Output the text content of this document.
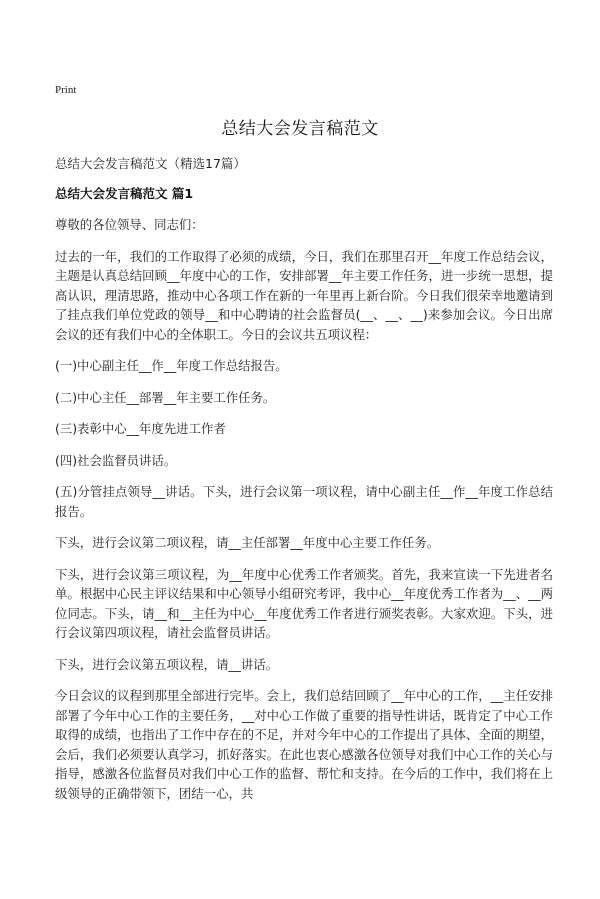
Print
总结大会发言稿范文
总结大会发言稿范文（精选17篇）
总结大会发言稿范文 篇1

尊敬的各位领导、同志们：

过去的一年，我们的工作取得了必须的成绩，今日，我们在那里召开__年度工作总结会议，主题是认真总结回顾__年度中心的工作，安排部署__年主要工作任务，进一步统一思想，提高认识，理清思路，推动中心各项工作在新的一年里再上新台阶。今日我们很荣幸地邀请到了挂点我们单位党政的领导__和中心聘请的社会监督员(__、__、__)来参加会议。今日出席会议的还有我们中心的全体职工。今日的会议共五项议程：

(一)中心副主任__作__年度工作总结报告。

(二)中心主任__部署__年主要工作任务。

(三)表彰中心__年度先进工作者

(四)社会监督员讲话。

(五)分管挂点领导__讲话。下头，进行会议第一项议程，请中心副主任__作__年度工作总结报告。

下头，进行会议第二项议程，请__主任部署__年度中心主要工作任务。

下头，进行会议第三项议程，为__年度中心优秀工作者颁奖。首先，我来宣读一下先进者名单。根据中心民主评议结果和中心领导小组研究考评，我中心__年度优秀工作者为__、__两位同志。下头，请__和__主任为中心__年度优秀工作者进行颁奖表彰。大家欢迎。下头，进行会议第四项议程，请社会监督员讲话。

下头，进行会议第五项议程，请__讲话。

今日会议的议程到那里全部进行完毕。会上，我们总结回顾了__年中心的工作，__主任安排部署了今年中心工作的主要任务，__对中心工作做了重要的指导性讲话，既肯定了中心工作取得的成绩，也指出了工作中存在的不足，并对今年中心的工作提出了具体、全面的期望，会后，我们必须要认真学习，抓好落实。在此也衷心感激各位领导对我们中心工作的关心与指导，感激各位监督员对我们中心工作的监督、帮忙和支持。在今后的工作中，我们将在上级领导的正确带领下，团结一心，共
